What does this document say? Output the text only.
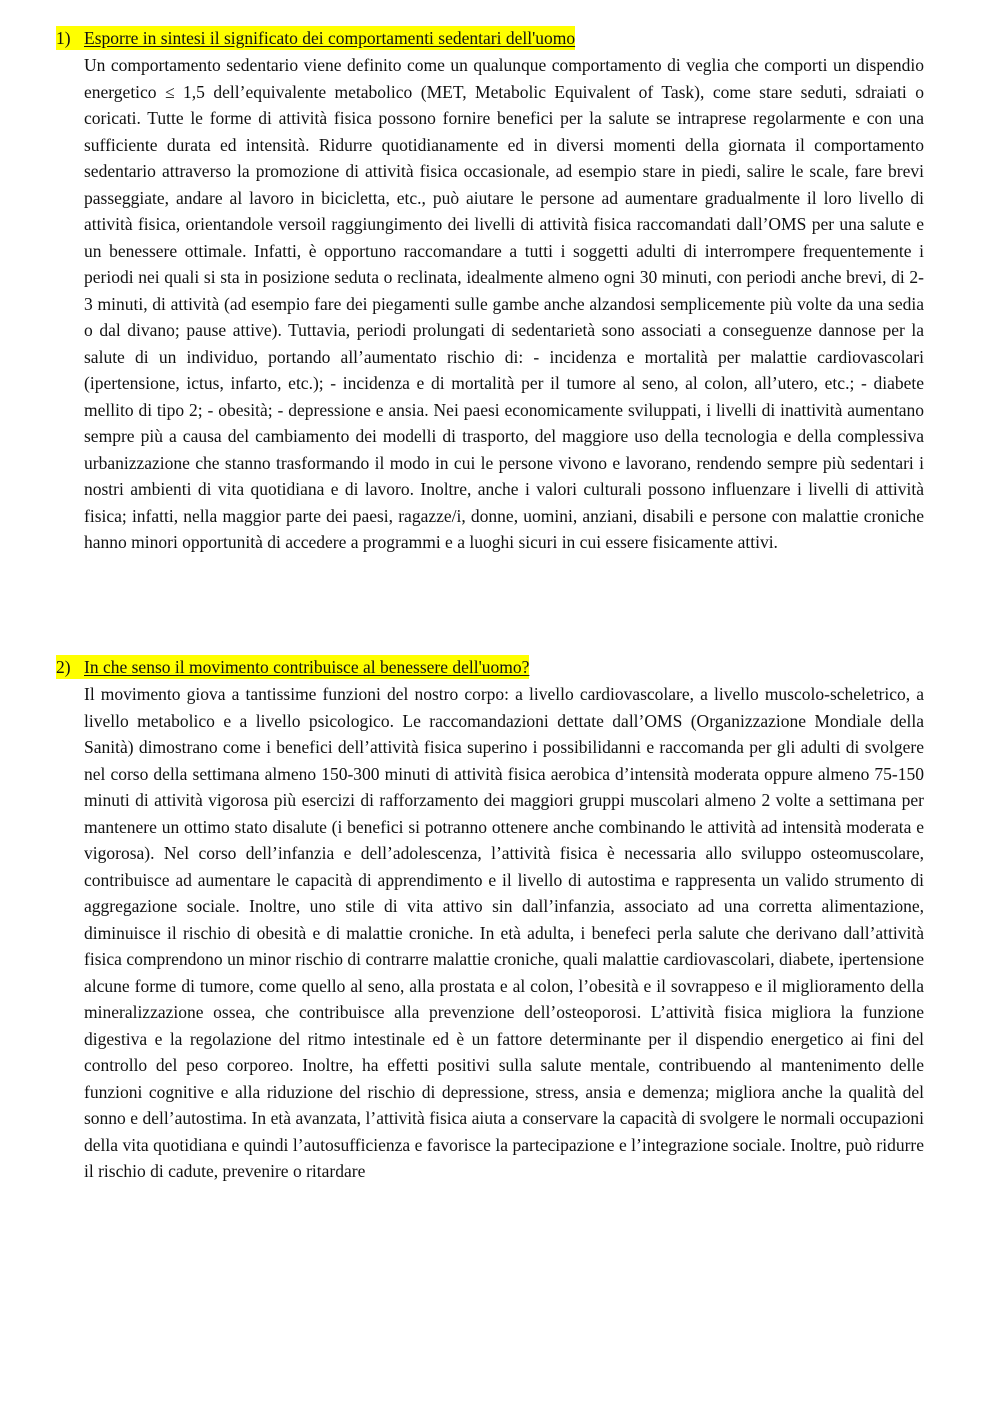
1) Esporre in sintesi il significato dei comportamenti sedentari dell'uomo
Un comportamento sedentario viene definito come un qualunque comportamento di veglia che comporti un dispendio energetico ≤ 1,5 dell’equivalente metabolico (MET, Metabolic Equivalent of Task), come stare seduti, sdraiati o coricati. Tutte le forme di attività fisica possono fornire benefici per la salute se intraprese regolarmente e con una sufficiente durata ed intensità. Ridurre quotidianamente ed in diversi momenti della giornata il comportamento sedentario attraverso la promozione di attività fisica occasionale, ad esempio stare in piedi, salire le scale, fare brevi passeggiate, andare al lavoro in bicicletta, etc., può aiutare le persone ad aumentare gradualmente il loro livello di attività fisica, orientandole versoil raggiungimento dei livelli di attività fisica raccomandati dall’OMS per una salute e un benessere ottimale. Infatti, è opportuno raccomandare a tutti i soggetti adulti di interrompere frequentemente i periodi nei quali si sta in posizione seduta o reclinata, idealmente almeno ogni 30 minuti, con periodi anche brevi, di 2-3 minuti, di attività (ad esempio fare dei piegamenti sulle gambe anche alzandosi semplicemente più volte da una sedia o dal divano; pause attive). Tuttavia, periodi prolungati di sedentarietà sono associati a conseguenze dannose per la salute di un individuo, portando all’aumentato rischio di: - incidenza e mortalità per malattie cardiovascolari (ipertensione, ictus, infarto, etc.); - incidenza e di mortalità per il tumore al seno, al colon, all’utero, etc.; - diabete mellito di tipo 2; - obesità; - depressione e ansia. Nei paesi economicamente sviluppati, i livelli di inattività aumentano sempre più a causa del cambiamento dei modelli di trasporto, del maggiore uso della tecnologia e della complessiva urbanizzazione che stanno trasformando il modo in cui le persone vivono e lavorano, rendendo sempre più sedentari i nostri ambienti di vita quotidiana e di lavoro. Inoltre, anche i valori culturali possono influenzare i livelli di attività fisica; infatti, nella maggior parte dei paesi, ragazze/i, donne, uomini, anziani, disabili e persone con malattie croniche hanno minori opportunità di accedere a programmi e a luoghi sicuri in cui essere fisicamente attivi.
2) In che senso il movimento contribuisce al benessere dell'uomo?
Il movimento giova a tantissime funzioni del nostro corpo: a livello cardiovascolare, a livello muscolo-scheletrico, a livello metabolico e a livello psicologico. Le raccomandazioni dettate dall’OMS (Organizzazione Mondiale della Sanità) dimostrano come i benefici dell’attività fisica superino i possibilidanni e raccomanda per gli adulti di svolgere nel corso della settimana almeno 150-300 minuti di attività fisica aerobica d’intensità moderata oppure almeno 75-150 minuti di attività vigorosa più esercizi di rafforzamento dei maggiori gruppi muscolari almeno 2 volte a settimana per mantenere un ottimo stato disalute (i benefici si potranno ottenere anche combinando le attività ad intensità moderata e vigorosa). Nel corso dell’infanzia e dell’adolescenza, l’attività fisica è necessaria allo sviluppo osteomuscolare, contribuisce ad aumentare le capacità di apprendimento e il livello di autostima e rappresenta un valido strumento di aggregazione sociale. Inoltre, uno stile di vita attivo sin dall’infanzia, associato ad una corretta alimentazione, diminuisce il rischio di obesità e di malattie croniche. In età adulta, i benefeci perla salute che derivano dall’attività fisica comprendono un minor rischio di contrarre malattie croniche, quali malattie cardiovascolari, diabete, ipertensione alcune forme di tumore, come quello al seno, alla prostata e al colon, l’obesità e il sovrappeso e il miglioramento della mineralizzazione ossea, che contribuisce alla prevenzione dell’osteoporosi. L’attività fisica migliora la funzione digestiva e la regolazione del ritmo intestinale ed è un fattore determinante per il dispendio energetico ai fini del controllo del peso corporeo. Inoltre, ha effetti positivi sulla salute mentale, contribuendo al mantenimento delle funzioni cognitive e alla riduzione del rischio di depressione, stress, ansia e demenza; migliora anche la qualità del sonno e dell’autostima. In età avanzata, l’attività fisica aiuta a conservare la capacità di svolgere le normali occupazioni della vita quotidiana e quindi l’autosufficienza e favorisce la partecipazione e l’integrazione sociale. Inoltre, può ridurre il rischio di cadute, prevenire o ritardare
